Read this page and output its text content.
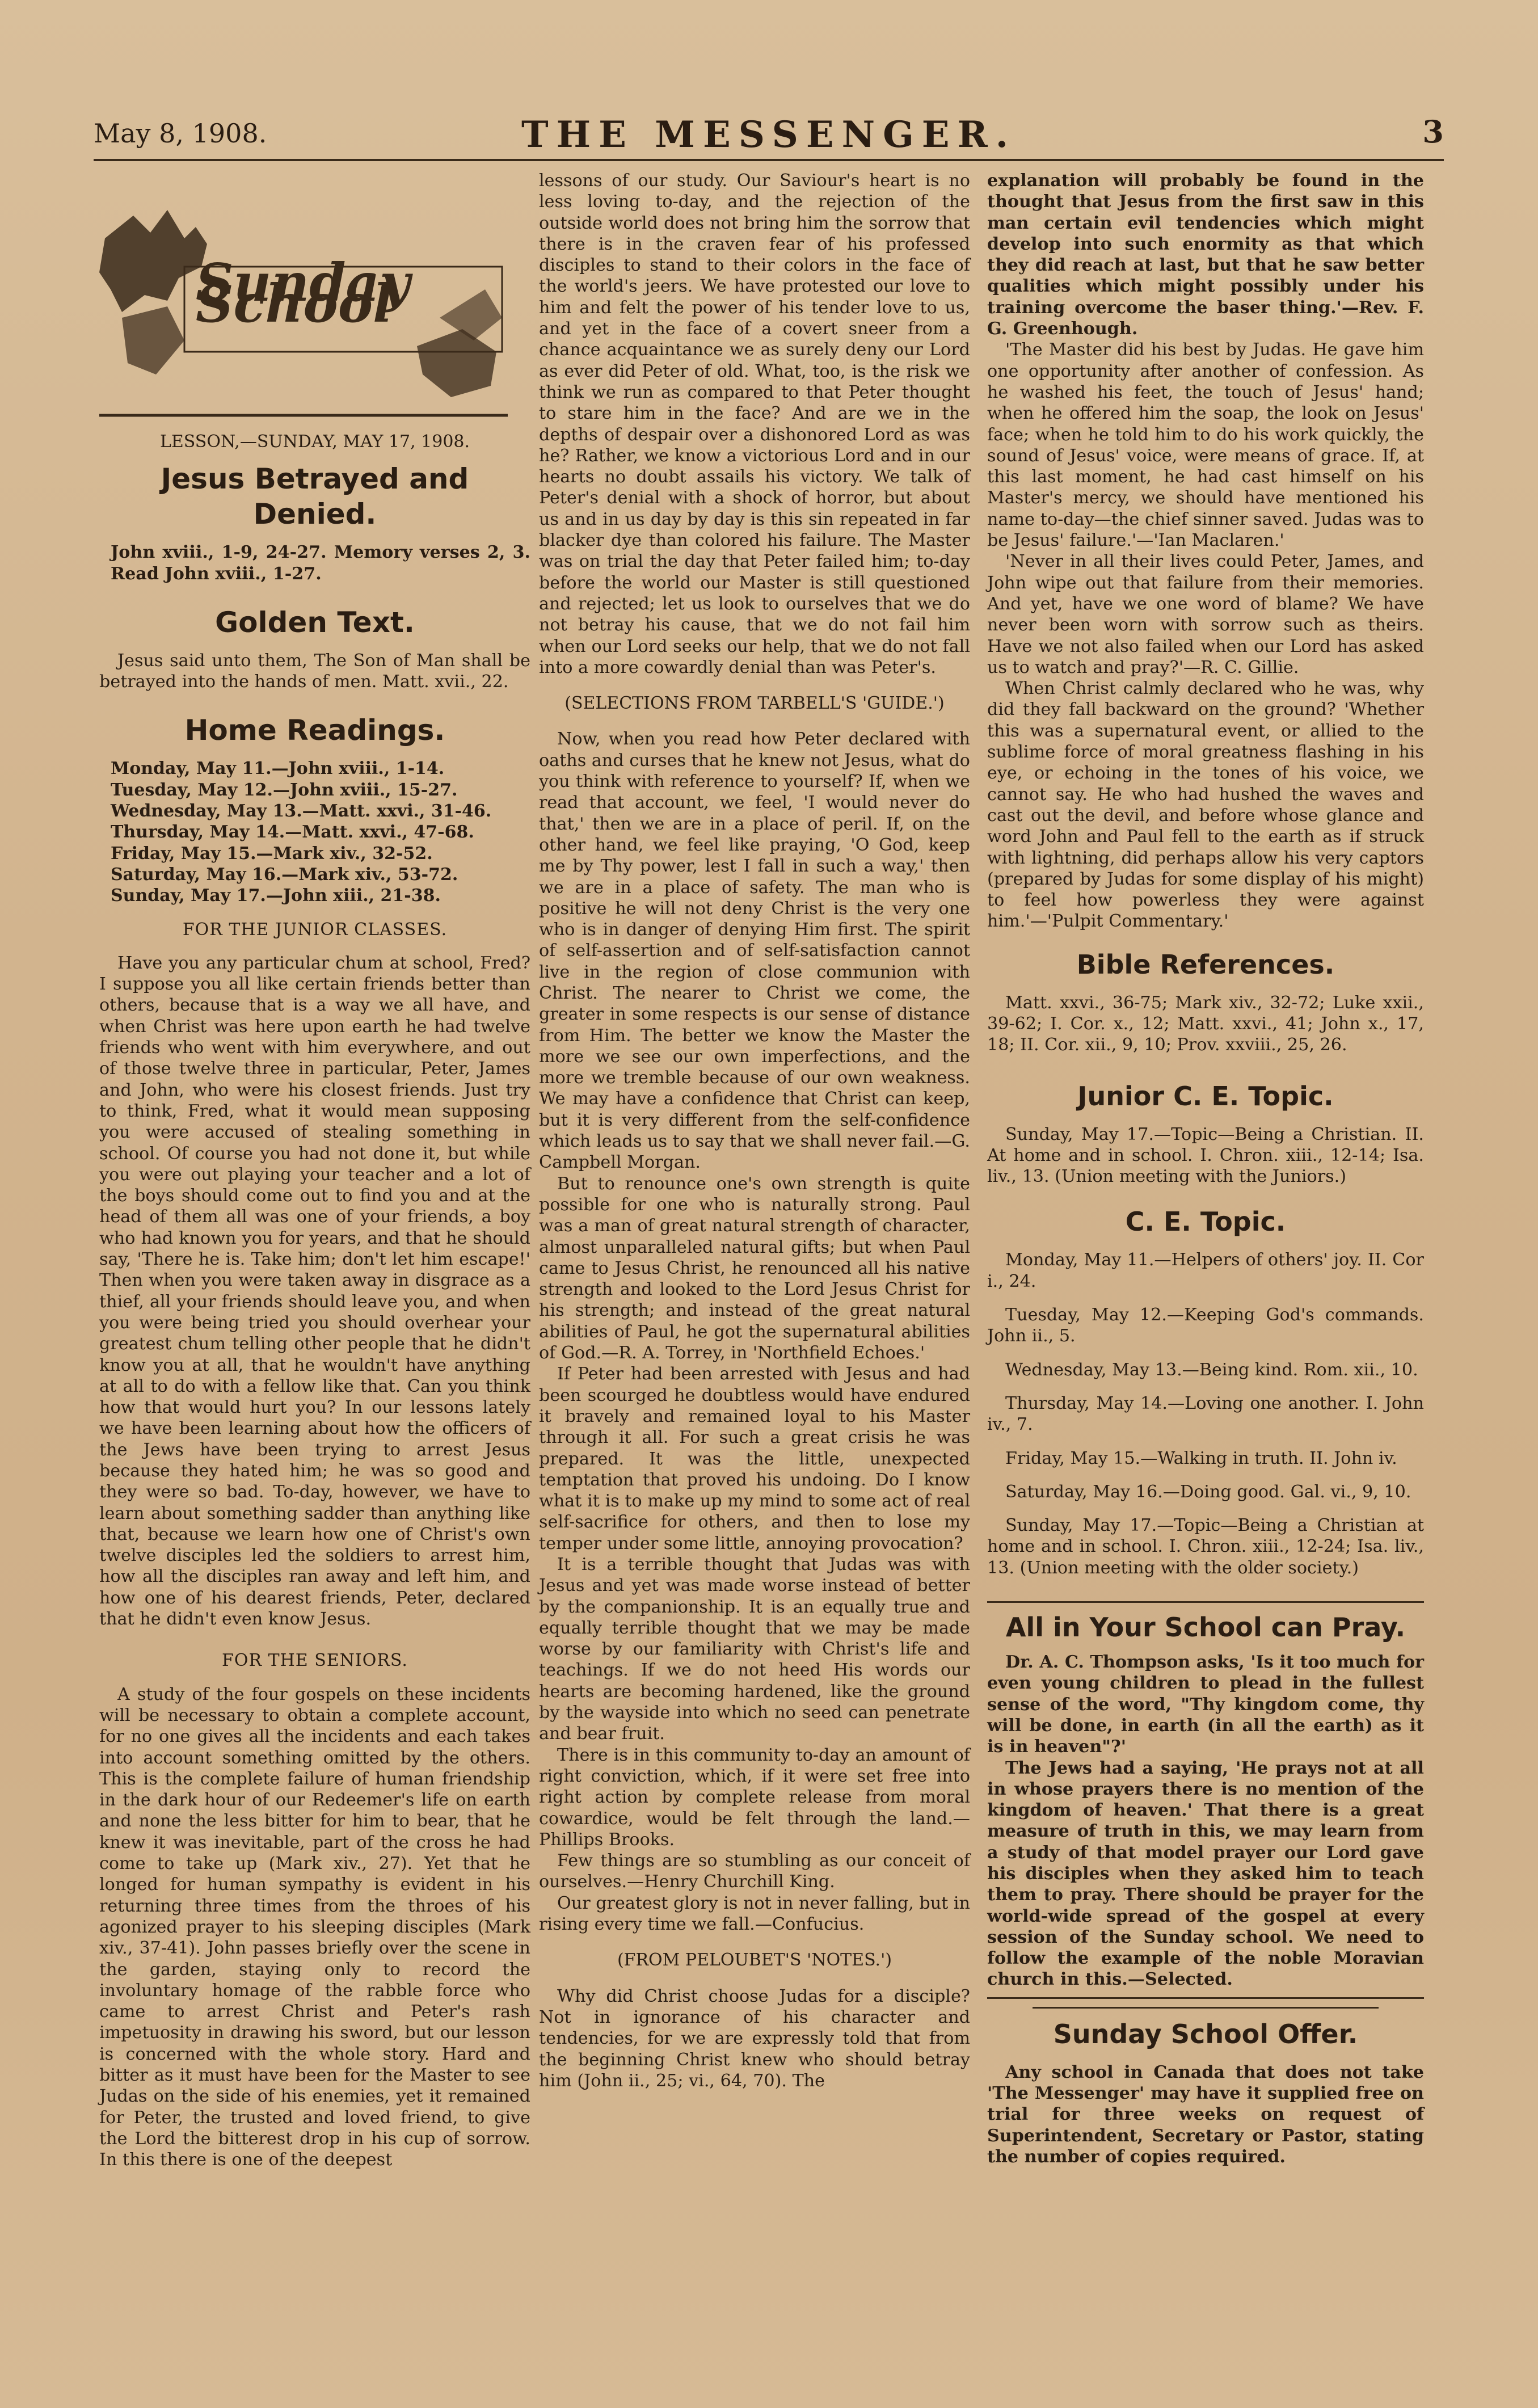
May 8, 1908.	THE MESSENGER.	3
Sunday School
LESSON,—SUNDAY, MAY 17, 1908.
Jesus Betrayed and Denied.

John xviii., 1-9, 24-27. Memory verses 2, 3. Read John xviii., 1-27.

Golden Text.

Jesus said unto them, The Son of Man shall be betrayed into the hands of men. Matt. xvii., 22.

Home Readings.
Monday, May 11.—John xviii., 1-14.
Tuesday, May 12.—John xviii., 15-27.
Wednesday, May 13.—Matt. xxvi., 31-46.
Thursday, May 14.—Matt. xxvi., 47-68.
Friday, May 15.—Mark xiv., 32-52.
Saturday, May 16.—Mark xiv., 53-72.
Sunday, May 17.—John xiii., 21-38.
FOR THE JUNIOR CLASSES.

Have you any particular chum at school, Fred? I suppose you all like certain friends better than others, because that is a way we all have, and when Christ was here upon earth he had twelve friends who went with him everywhere, and out of those twelve three in particular, Peter, James and John, who were his closest friends. Just try to think, Fred, what it would mean supposing you were accused of stealing something in school. Of course you had not done it, but while you were out playing your teacher and a lot of the boys should come out to find you and at the head of them all was one of your friends, a boy who had known you for years, and that he should say, 'There he is. Take him; don't let him escape!' Then when you were taken away in disgrace as a thief, all your friends should leave you, and when you were being tried you should overhear your greatest chum telling other people that he didn't know you at all, that he wouldn't have anything at all to do with a fellow like that. Can you think how that would hurt you? In our lessons lately we have been learning about how the officers of the Jews have been trying to arrest Jesus because they hated him; he was so good and they were so bad. To-day, however, we have to learn about something sadder than anything like that, because we learn how one of Christ's own twelve disciples led the soldiers to arrest him, how all the disciples ran away and left him, and how one of his dearest friends, Peter, declared that he didn't even know Jesus.

FOR THE SENIORS.

A study of the four gospels on these incidents will be necessary to obtain a complete account, for no one gives all the incidents and each takes into account something omitted by the others. This is the complete failure of human friendship in the dark hour of our Redeemer's life on earth and none the less bitter for him to bear, that he knew it was inevitable, part of the cross he had come to take up (Mark xiv., 27). Yet that he longed for human sympathy is evident in his returning three times from the throes of his agonized prayer to his sleeping disciples (Mark xiv., 37-41). John passes briefly over the scene in the garden, staying only to record the involuntary homage of the rabble force who came to arrest Christ and Peter's rash impetuosity in drawing his sword, but our lesson is concerned with the whole story. Hard and bitter as it must have been for the Master to see Judas on the side of his enemies, yet it remained for Peter, the trusted and loved friend, to give the Lord the bitterest drop in his cup of sorrow. In this there is one of the deepest

lessons of our study. Our Saviour's heart is no less loving to-day, and the rejection of the outside world does not bring him the sorrow that there is in the craven fear of his professed disciples to stand to their colors in the face of the world's jeers. We have protested our love to him and felt the power of his tender love to us, and yet in the face of a covert sneer from a chance acquaintance we as surely deny our Lord as ever did Peter of old. What, too, is the risk we think we run as compared to that Peter thought to stare him in the face? And are we in the depths of despair over a dishonored Lord as was he? Rather, we know a victorious Lord and in our hearts no doubt assails his victory. We talk of Peter's denial with a shock of horror, but about us and in us day by day is this sin repeated in far blacker dye than colored his failure. The Master was on trial the day that Peter failed him; to-day before the world our Master is still questioned and rejected; let us look to ourselves that we do not betray his cause, that we do not fail him when our Lord seeks our help, that we do not fall into a more cowardly denial than was Peter's.

(SELECTIONS FROM TARBELL'S 'GUIDE.')

Now, when you read how Peter declared with oaths and curses that he knew not Jesus, what do you think with reference to yourself? If, when we read that account, we feel, 'I would never do that,' then we are in a place of peril. If, on the other hand, we feel like praying, 'O God, keep me by Thy power, lest I fall in such a way,' then we are in a place of safety. The man who is positive he will not deny Christ is the very one who is in danger of denying Him first. The spirit of self-assertion and of self-satisfaction cannot live in the region of close communion with Christ. The nearer to Christ we come, the greater in some respects is our sense of distance from Him. The better we know the Master the more we see our own imperfections, and the more we tremble because of our own weakness. We may have a confidence that Christ can keep, but it is very different from the self-confidence which leads us to say that we shall never fail.—G. Campbell Morgan.

But to renounce one's own strength is quite possible for one who is naturally strong. Paul was a man of great natural strength of character, almost unparalleled natural gifts; but when Paul came to Jesus Christ, he renounced all his native strength and looked to the Lord Jesus Christ for his strength; and instead of the great natural abilities of Paul, he got the supernatural abilities of God.—R. A. Torrey, in 'Northfield Echoes.'

If Peter had been arrested with Jesus and had been scourged he doubtless would have endured it bravely and remained loyal to his Master through it all. For such a great crisis he was prepared. It was the little, unexpected temptation that proved his undoing. Do I know what it is to make up my mind to some act of real self-sacrifice for others, and then to lose my temper under some little, annoying provocation?

It is a terrible thought that Judas was with Jesus and yet was made worse instead of better by the companionship. It is an equally true and equally terrible thought that we may be made worse by our familiarity with Christ's life and teachings. If we do not heed His words our hearts are becoming hardened, like the ground by the wayside into which no seed can penetrate and bear fruit.

There is in this community to-day an amount of right conviction, which, if it were set free into right action by complete release from moral cowardice, would be felt through the land.—Phillips Brooks.

Few things are so stumbling as our conceit of ourselves.—Henry Churchill King.

Our greatest glory is not in never falling, but in rising every time we fall.—Confucius.

(FROM PELOUBET'S 'NOTES.')

Why did Christ choose Judas for a disciple? Not in ignorance of his character and tendencies, for we are expressly told that from the beginning Christ knew who should betray him (John ii., 25; vi., 64, 70). The

explanation will probably be found in the thought that Jesus from the first saw in this man certain evil tendencies which might develop into such enormity as that which they did reach at last, but that he saw better qualities which might possibly under his training overcome the baser thing.'—Rev. F. G. Greenhough.

'The Master did his best by Judas. He gave him one opportunity after another of confession. As he washed his feet, the touch of Jesus' hand; when he offered him the soap, the look on Jesus' face; when he told him to do his work quickly, the sound of Jesus' voice, were means of grace. If, at this last moment, he had cast himself on his Master's mercy, we should have mentioned his name to-day—the chief sinner saved. Judas was to be Jesus' failure.'—'Ian Maclaren.'

'Never in all their lives could Peter, James, and John wipe out that failure from their memories. And yet, have we one word of blame? We have never been worn with sorrow such as theirs. Have we not also failed when our Lord has asked us to watch and pray?'—R. C. Gillie.

When Christ calmly declared who he was, why did they fall backward on the ground? 'Whether this was a supernatural event, or allied to the sublime force of moral greatness flashing in his eye, or echoing in the tones of his voice, we cannot say. He who had hushed the waves and cast out the devil, and before whose glance and word John and Paul fell to the earth as if struck with lightning, did perhaps allow his very captors (prepared by Judas for some display of his might) to feel how powerless they were against him.'—'Pulpit Commentary.'

Bible References.

Matt. xxvi., 36-75; Mark xiv., 32-72; Luke xxii., 39-62; I. Cor. x., 12; Matt. xxvi., 41; John x., 17, 18; II. Cor. xii., 9, 10; Prov. xxviii., 25, 26.

Junior C. E. Topic.

Sunday, May 17.—Topic—Being a Christian. II. At home and in school. I. Chron. xiii., 12-14; Isa. liv., 13. (Union meeting with the Juniors.)

C. E. Topic.

Monday, May 11.—Helpers of others' joy. II. Cor i., 24.

Tuesday, May 12.—Keeping God's commands. John ii., 5.

Wednesday, May 13.—Being kind. Rom. xii., 10.

Thursday, May 14.—Loving one another. I. John iv., 7.

Friday, May 15.—Walking in truth. II. John iv.

Saturday, May 16.—Doing good. Gal. vi., 9, 10.

Sunday, May 17.—Topic—Being a Christian at home and in school. I. Chron. xiii., 12-24; Isa. liv., 13. (Union meeting with the older society.)

All in Your School can Pray.

Dr. A. C. Thompson asks, 'Is it too much for even young children to plead in the fullest sense of the word, "Thy kingdom come, thy will be done, in earth (in all the earth) as it is in heaven"?'

The Jews had a saying, 'He prays not at all in whose prayers there is no mention of the kingdom of heaven.' That there is a great measure of truth in this, we may learn from a study of that model prayer our Lord gave his disciples when they asked him to teach them to pray. There should be prayer for the world-wide spread of the gospel at every session of the Sunday school. We need to follow the example of the noble Moravian church in this.—Selected.

Sunday School Offer.

Any school in Canada that does not take 'The Messenger' may have it supplied free on trial for three weeks on request of Superintendent, Secretary or Pastor, stating the number of copies required.
